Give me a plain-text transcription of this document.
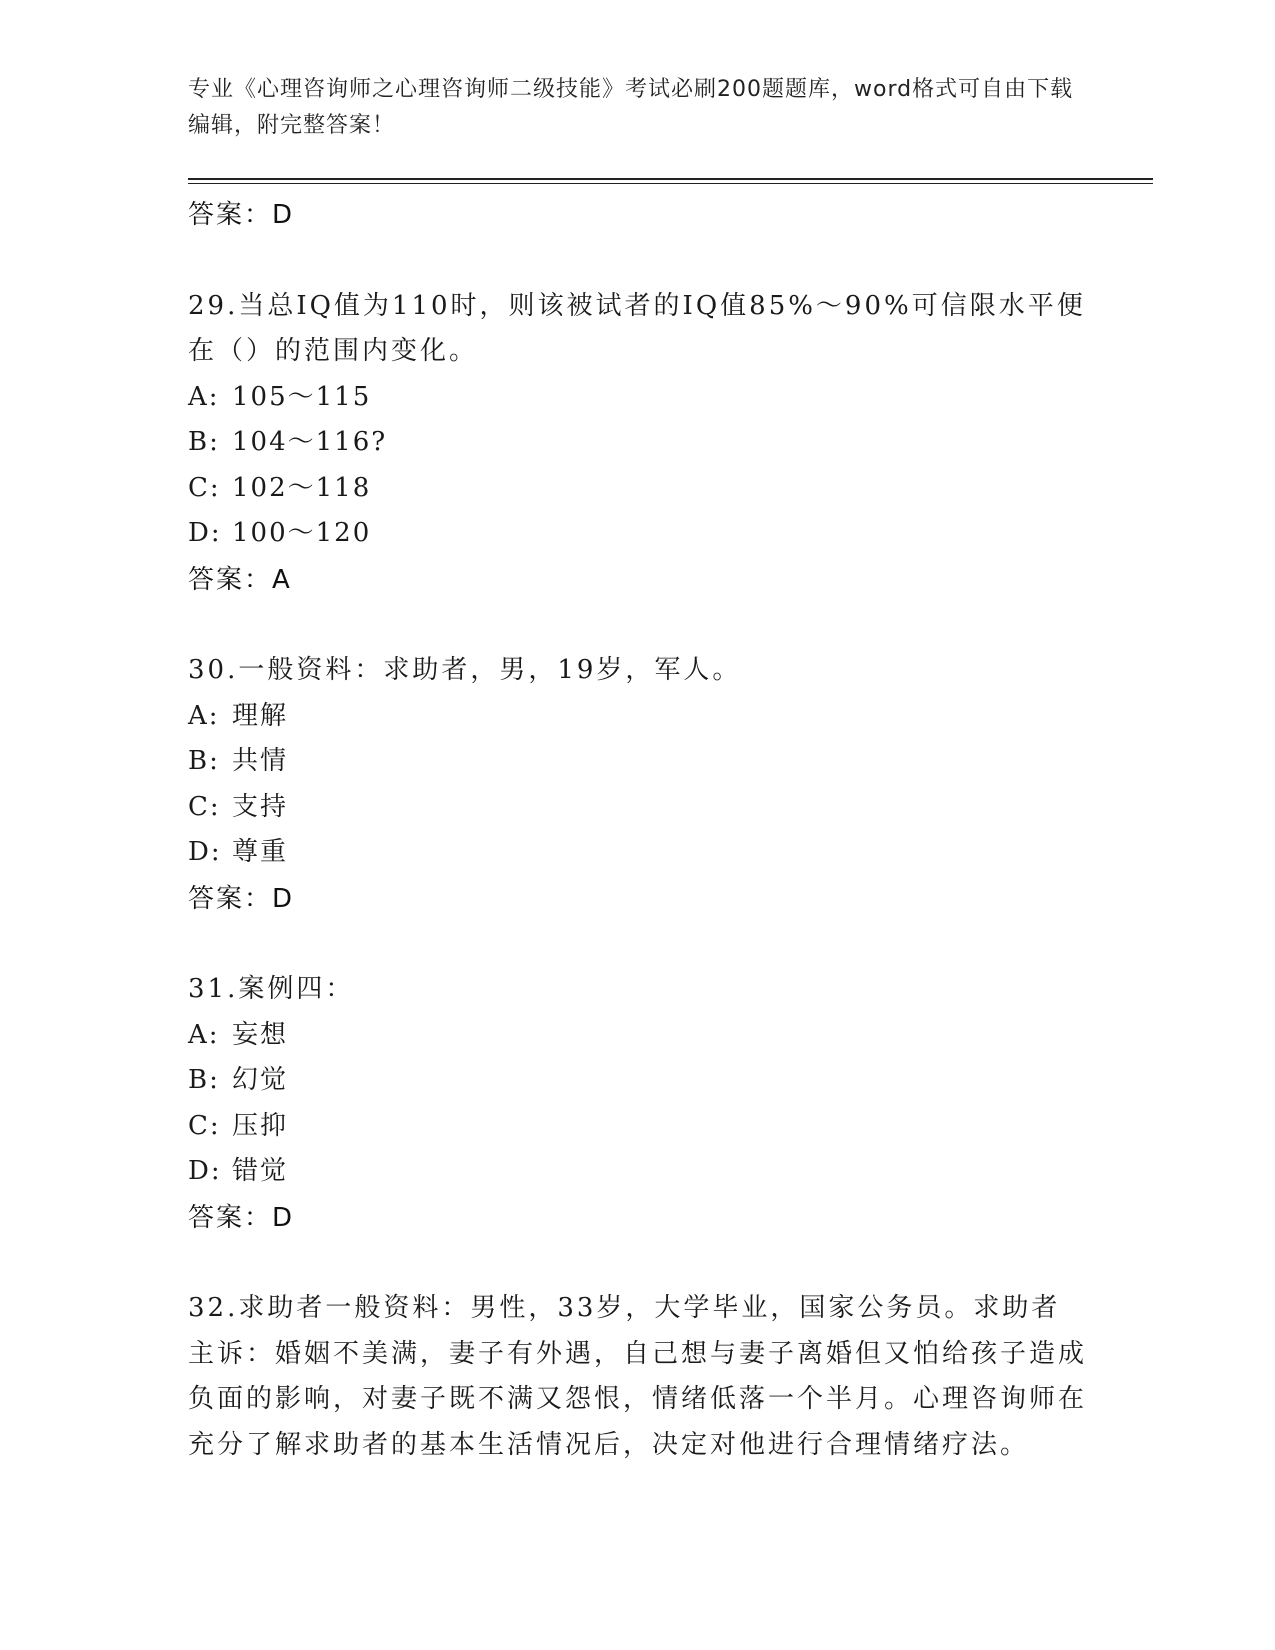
专业《心理咨询师之心理咨询师二级技能》考试必刷200题题库，word格式可自由下载编辑，附完整答案！
答案：D
29.当总IQ值为110时，则该被试者的IQ值85%～90%可信限水平便在（）的范围内变化。
A: 105～115
B: 104～116?
C: 102～118
D: 100～120
答案：A
30.一般资料：求助者，男，19岁，军人。
A: 理解
B: 共情
C: 支持
D: 尊重
答案：D
31.案例四：
A: 妄想
B: 幻觉
C: 压抑
D: 错觉
答案：D
32.求助者一般资料：男性，33岁，大学毕业，国家公务员。求助者主诉：婚姻不美满，妻子有外遇，自己想与妻子离婚但又怕给孩子造成负面的影响，对妻子既不满又怨恨，情绪低落一个半月。心理咨询师在充分了解求助者的基本生活情况后，决定对他进行合理情绪疗法。
